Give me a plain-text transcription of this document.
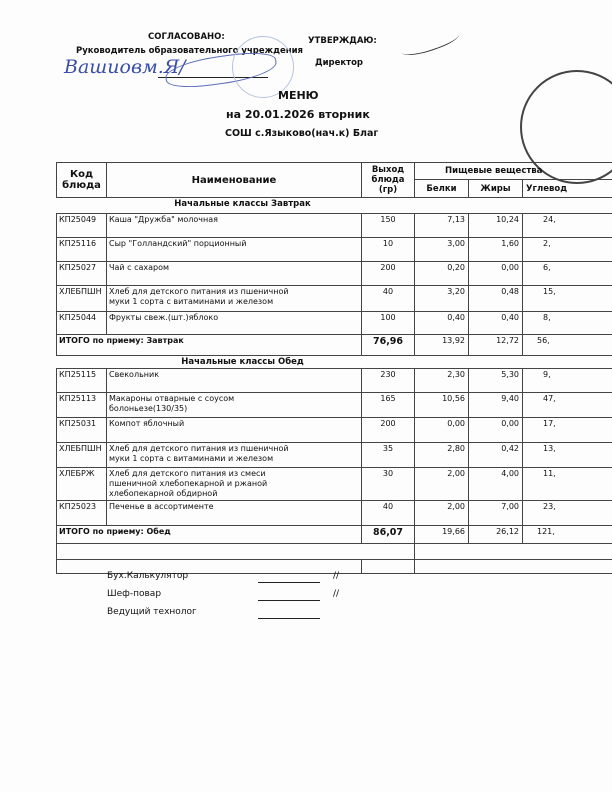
СОГЛАСОВАНО:
Руководитель образовательного учреждения
Вашиовм.Я/
УТВЕРЖДАЮ:
Директор
МЕНЮ
на 20.01.2026 вторник
СОШ с.Языково(нач.к) Благ
Код блюда	Наименование	Выход блюда (гр)	Пищевые вещества		
			Белки	Жиры	Углевод
Начальные классы Завтрак					
КП25049	Каша "Дружба" молочная	150	7,13	10,24	24,
КП25116	Сыр "Голландский" порционный	10	3,00	1,60	2,
КП25027	Чай с сахаром	200	0,20	0,00	6,
ХЛЕБПШН	Хлеб для детского питания из пшеничной муки 1 сорта с витаминами и железом	40	3,20	0,48	15,
КП25044	Фрукты свеж.(шт.)яблоко	100	0,40	0,40	8,
ИТОГО по приему: Завтрак		76,96	13,92	12,72	56,
Начальные классы Обед					
КП25115	Свекольник	230	2,30	5,30	9,
КП25113	Макароны отварные с соусом болоньезе(130/35)	165	10,56	9,40	47,
КП25031	Компот яблочный	200	0,00	0,00	17,
ХЛЕБПШН	Хлеб для детского питания из пшеничной муки 1 сорта с витаминами и железом	35	2,80	0,42	13,
ХЛЕБРЖ	Хлеб для детского питания из смеси пшеничной хлебопекарной и ржаной хлебопекарной обдирной	30	2,00	4,00	11,
КП25023	Печенье в ассортименте	40	2,00	7,00	23,
ИТОГО по приему: Обед		86,07	19,66	26,12	121,

Бух.Калькулятор	//
Шеф-повар	//
Ведущий технолог
